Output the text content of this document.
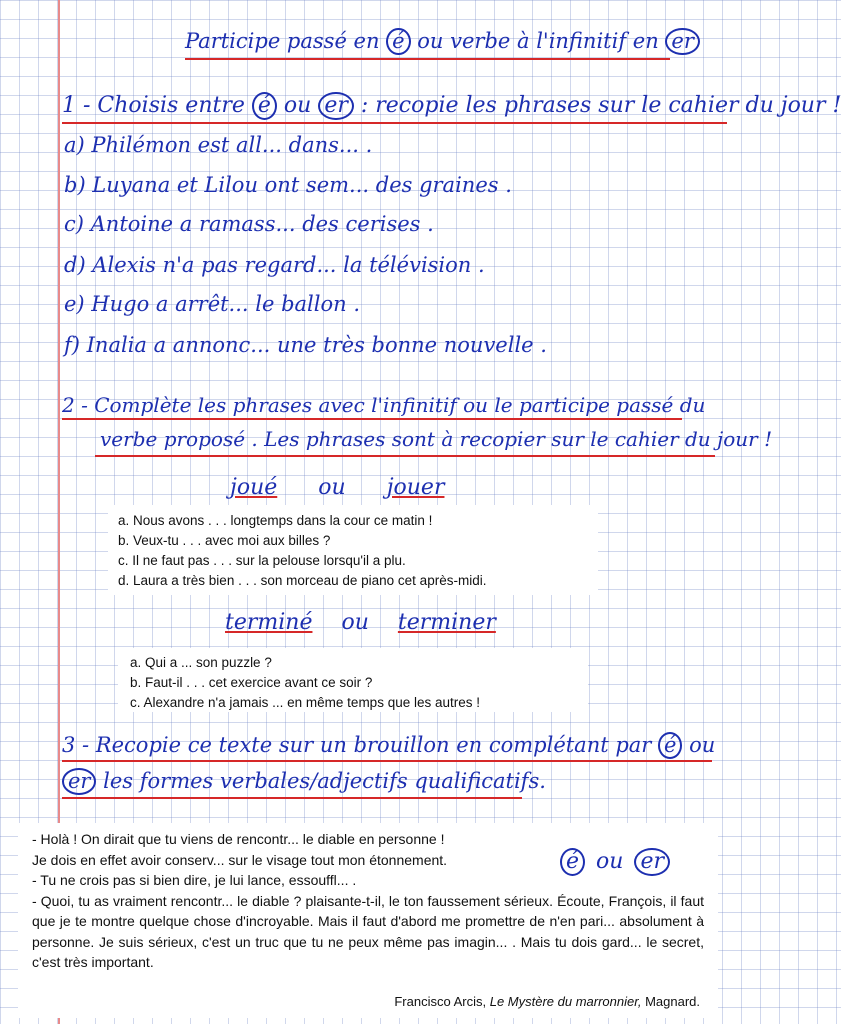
Participe passé en é ou verbe à l'infinitif en er
1 - Choisis entre é ou er : recopie les phrases sur le cahier du jour !
a) Philémon est all... dans... .
b) Luyana et Lilou ont sem... des graines .
c) Antoine a ramass... des cerises .
d) Alexis n'a pas regard... la télévision .
e) Hugo a arrêt... le ballon .
f) Inalia a annonc... une très bonne nouvelle .
2 - Complète les phrases avec l'infinitif ou le participe passé du
verbe proposé . Les phrases sont à recopier sur le cahier du jour !
joué ou jouer
a. Nous avons . . . longtemps dans la cour ce matin !
b. Veux-tu . . . avec moi aux billes ?
c. Il ne faut pas . . . sur la pelouse lorsqu'il a plu.
d. Laura a très bien . . . son morceau de piano cet après-midi.
terminé ou terminer
a. Qui a ... son puzzle ?
b. Faut-il . . . cet exercice avant ce soir ?
c. Alexandre n'a jamais ... en même temps que les autres !
3 - Recopie ce texte sur un brouillon en complétant par é ou
er les formes verbales/adjectifs qualificatifs.
- Holà ! On dirait que tu viens de rencontr... le diable en personne !
Je dois en effet avoir conserv... sur le visage tout mon étonnement.
- Tu ne crois pas si bien dire, je lui lance, essouffl... .
- Quoi, tu as vraiment rencontr... le diable ? plaisante-t-il, le ton faussement sérieux. Écoute, François, il faut que je te montre quelque chose d'incroyable. Mais il faut d'abord me promettre de n'en pari... absolument à personne. Je suis sérieux, c'est un truc que tu ne peux même pas imagin... . Mais tu dois gard... le secret, c'est très important.
Francisco Arcis, Le Mystère du marronnier, Magnard.
é ou er
